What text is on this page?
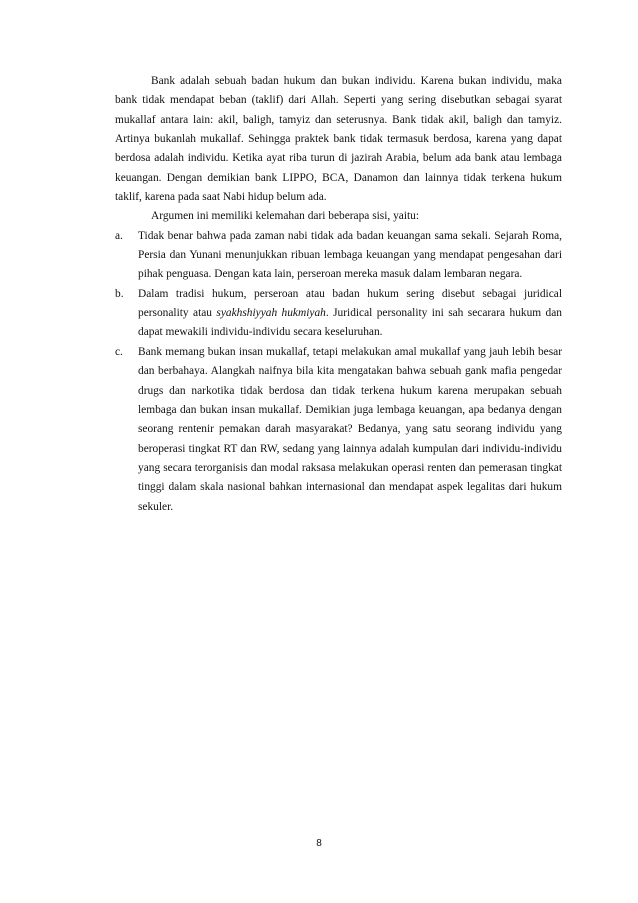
Bank adalah sebuah badan hukum dan bukan individu. Karena bukan individu, maka bank tidak mendapat beban (taklif) dari Allah. Seperti yang sering disebutkan sebagai syarat mukallaf antara lain: akil, baligh, tamyiz dan seterusnya. Bank tidak akil, baligh dan tamyiz. Artinya bukanlah mukallaf. Sehingga praktek bank tidak termasuk berdosa, karena yang dapat berdosa adalah individu. Ketika ayat riba turun di jazirah Arabia, belum ada bank atau lembaga keuangan. Dengan demikian bank LIPPO, BCA, Danamon dan lainnya tidak terkena hukum taklif, karena pada saat Nabi hidup belum ada.

Argumen ini memiliki kelemahan dari beberapa sisi, yaitu:

a. Tidak benar bahwa pada zaman nabi tidak ada badan keuangan sama sekali. Sejarah Roma, Persia dan Yunani menunjukkan ribuan lembaga keuangan yang mendapat pengesahan dari pihak penguasa. Dengan kata lain, perseroan mereka masuk dalam lembaran negara.
b. Dalam tradisi hukum, perseroan atau badan hukum sering disebut sebagai juridical personality atau syakhshiyyah hukmiyah. Juridical personality ini sah secarara hukum dan dapat mewakili individu-individu secara keseluruhan.
c. Bank memang bukan insan mukallaf, tetapi melakukan amal mukallaf yang jauh lebih besar dan berbahaya. Alangkah naifnya bila kita mengatakan bahwa sebuah gank mafia pengedar drugs dan narkotika tidak berdosa dan tidak terkena hukum karena merupakan sebuah lembaga dan bukan insan mukallaf. Demikian juga lembaga keuangan, apa bedanya dengan seorang rentenir pemakan darah masyarakat? Bedanya, yang satu seorang individu yang beroperasi tingkat RT dan RW, sedang yang lainnya adalah kumpulan dari individu-individu yang secara terorganisis dan modal raksasa melakukan operasi renten dan pemerasan tingkat tinggi dalam skala nasional bahkan internasional dan mendapat aspek legalitas dari hukum sekuler.
8
